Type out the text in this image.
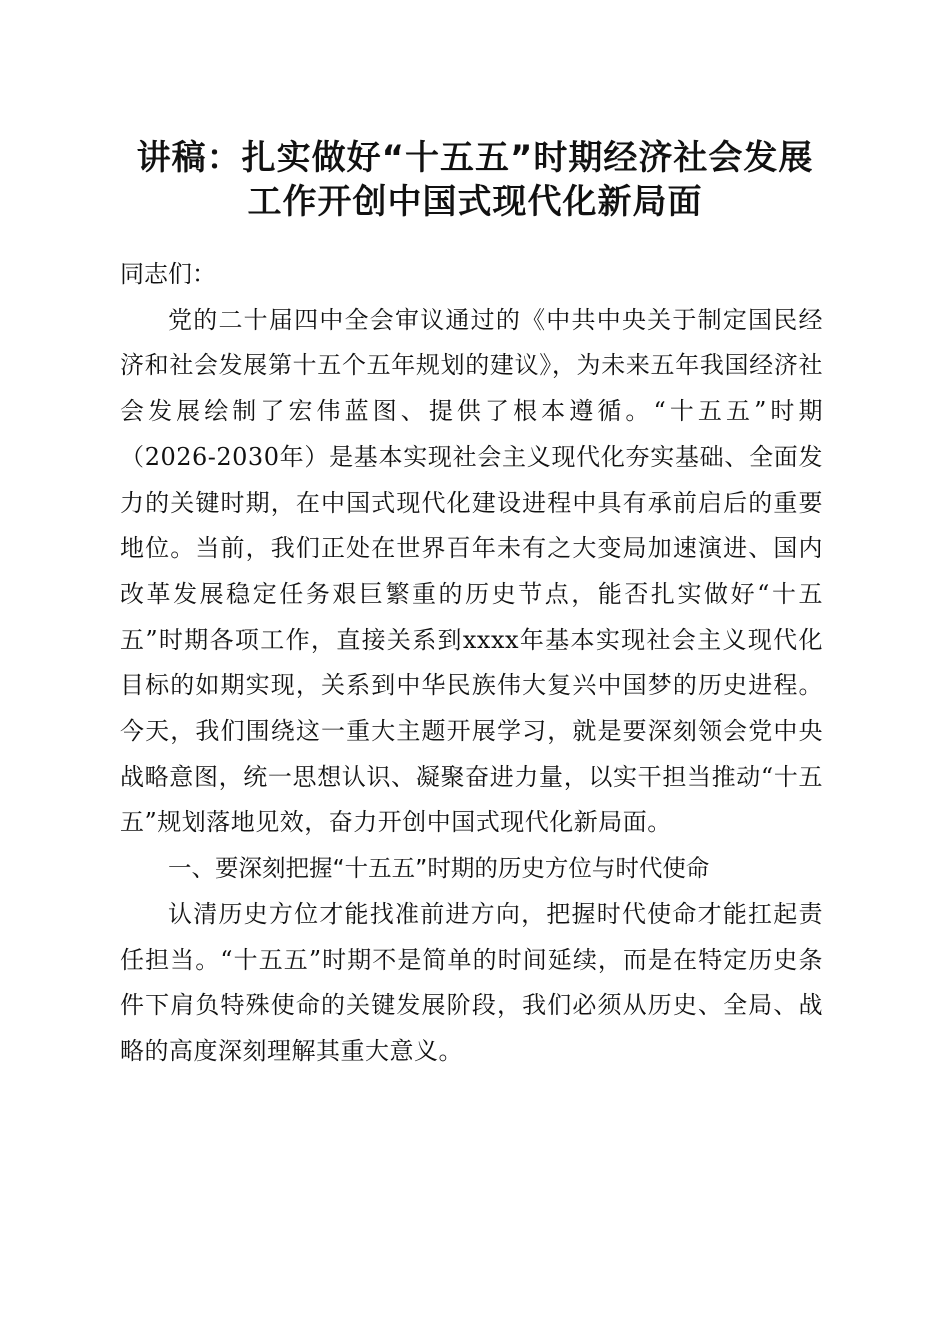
讲稿：扎实做好“十五五”时期经济社会发展
工作开创中国式现代化新局面

同志们：

党的二十届四中全会审议通过的《中共中央关于制定国民经济和社会发展第十五个五年规划的建议》，为未来五年我国经济社会发展绘制了宏伟蓝图、提供了根本遵循。“十五五”时期（2026-2030年）是基本实现社会主义现代化夯实基础、全面发力的关键时期，在中国式现代化建设进程中具有承前启后的重要地位。当前，我们正处在世界百年未有之大变局加速演进、国内改革发展稳定任务艰巨繁重的历史节点，能否扎实做好“十五五”时期各项工作，直接关系到xxxx年基本实现社会主义现代化目标的如期实现，关系到中华民族伟大复兴中国梦的历史进程。今天，我们围绕这一重大主题开展学习，就是要深刻领会党中央战略意图，统一思想认识、凝聚奋进力量，以实干担当推动“十五五”规划落地见效，奋力开创中国式现代化新局面。

一、要深刻把握“十五五”时期的历史方位与时代使命

认清历史方位才能找准前进方向，把握时代使命才能扛起责任担当。“十五五”时期不是简单的时间延续，而是在特定历史条件下肩负特殊使命的关键发展阶段，我们必须从历史、全局、战略的高度深刻理解其重大意义。
